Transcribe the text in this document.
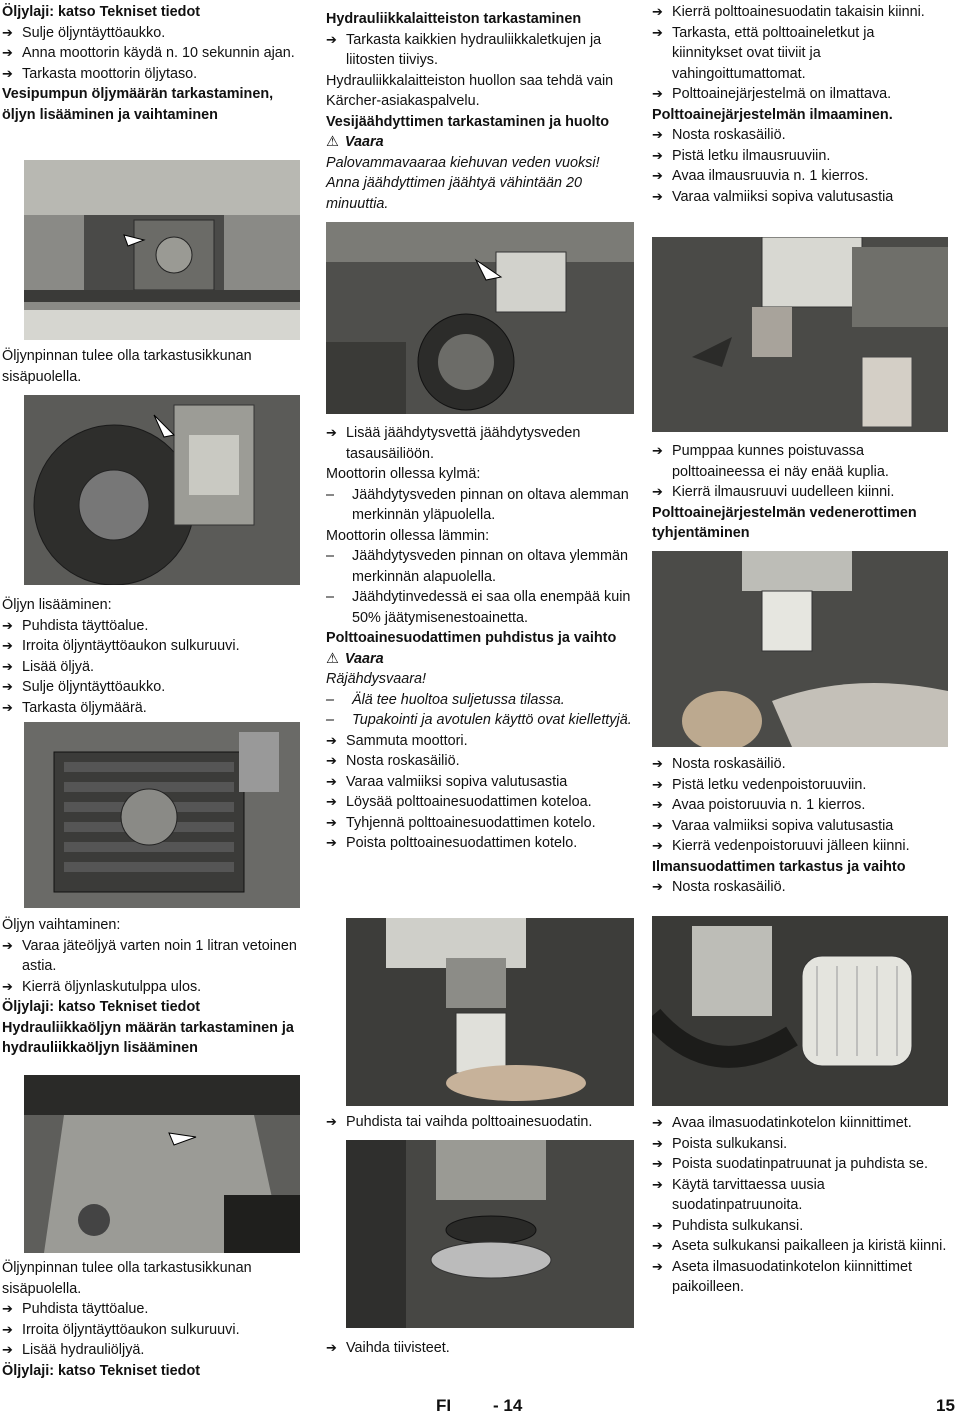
Öljylaji: katso Tekniset tiedot

➔ Sulje öljyntäyttöaukko.

➔ Anna moottorin käydä n. 10 sekunnin ajan.

➔ Tarkasta moottorin öljytaso.

Vesipumpun öljymäärän tarkastaminen, öljyn lisääminen ja vaihtaminen

Öljynpinnan tulee olla tarkastusikkunan sisäpuolella.

Öljyn lisääminen:

➔ Puhdista täyttöalue.

➔ Irroita öljyntäyttöaukon sulkuruuvi.

➔ Lisää öljyä.

➔ Sulje öljyntäyttöaukko.

➔ Tarkasta öljymäärä.

Öljyn vaihtaminen:

➔ Varaa jäteöljyä varten noin 1 litran vetoinen astia.

➔ Kierrä öljynlaskutulppa ulos.

Öljylaji: katso Tekniset tiedot

Hydrauliikkaöljyn määrän tarkastaminen ja hydrauliikkaöljyn lisääminen

Öljynpinnan tulee olla tarkastusikkunan sisäpuolella.

➔ Puhdista täyttöalue.

➔ Irroita öljyntäyttöaukon sulkuruuvi.

➔ Lisää hydrauliöljyä.

Öljylaji: katso Tekniset tiedot

Hydrauliikkalaitteiston tarkastaminen

➔ Tarkasta kaikkien hydrauliikkaletkujen ja liitosten tiiviys.

Hydrauliikkalaitteiston huollon saa tehdä vain Kärcher-asiakaspalvelu.

Vesijäähdyttimen tarkastaminen ja huolto

⚠ Vaara

Palovammavaaraa kiehuvan veden vuoksi! Anna jäähdyttimen jäähtyä vähintään 20 minuuttia.

➔ Lisää jäähdytysvettä jäähdytysveden tasausäiliöön.

Moottorin ollessa kylmä:

– Jäähdytysveden pinnan on oltava alemman merkinnän yläpuolella.

Moottorin ollessa lämmin:

– Jäähdytysveden pinnan on oltava ylemmän merkinnän alapuolella.

– Jäähdytinvedessä ei saa olla enempää kuin 50% jäätymisenestoainetta.

Polttoainesuodattimen puhdistus ja vaihto

⚠ Vaara

Räjähdysvaara!

– Älä tee huoltoa suljetussa tilassa.

– Tupakointi ja avotulen käyttö ovat kiellettyjä.

➔ Sammuta moottori.

➔ Nosta roskasäiliö.

➔ Varaa valmiiksi sopiva valutusastia

➔ Löysää polttoainesuodattimen koteloa.

➔ Tyhjennä polttoainesuodattimen kotelo.

➔ Poista polttoainesuodattimen kotelo.

➔ Puhdista tai vaihda polttoainesuodatin.

➔ Vaihda tiivisteet.

➔ Kierrä polttoainesuodatin takaisin kiinni.

➔ Tarkasta, että polttoaineletkut ja kiinnitykset ovat tiiviit ja vahingoittumattomat.

➔ Polttoainejärjestelmä on ilmattava.

Polttoainejärjestelmän ilmaaminen.

➔ Nosta roskasäiliö.

➔ Pistä letku ilmausruuviin.

➔ Avaa ilmausruuvia n. 1 kierros.

➔ Varaa valmiiksi sopiva valutusastia

➔ Pumppaa kunnes poistuvassa polttoaineessa ei näy enää kuplia.

➔ Kierrä ilmausruuvi uudelleen kiinni.

Polttoainejärjestelmän vedenerottimen tyhjentäminen

➔ Nosta roskasäiliö.

➔ Pistä letku vedenpoistoruuviin.

➔ Avaa poistoruuvia n. 1 kierros.

➔ Varaa valmiiksi sopiva valutusastia

➔ Kierrä vedenpoistoruuvi jälleen kiinni.

Ilmansuodattimen tarkastus ja vaihto

➔ Nosta roskasäiliö.

➔ Avaa ilmasuodatinkotelon kiinnittimet.

➔ Poista sulkukansi.

➔ Poista suodatinpatruunat ja puhdista se.

➔ Käytä tarvittaessa uusia suodatinpatruunoita.

➔ Puhdista sulkukansi.

➔ Aseta sulkukansi paikalleen ja kiristä kiinni.

➔ Aseta ilmasuodatinkotelon kiinnittimet paikoilleen.

FI - 14	15
